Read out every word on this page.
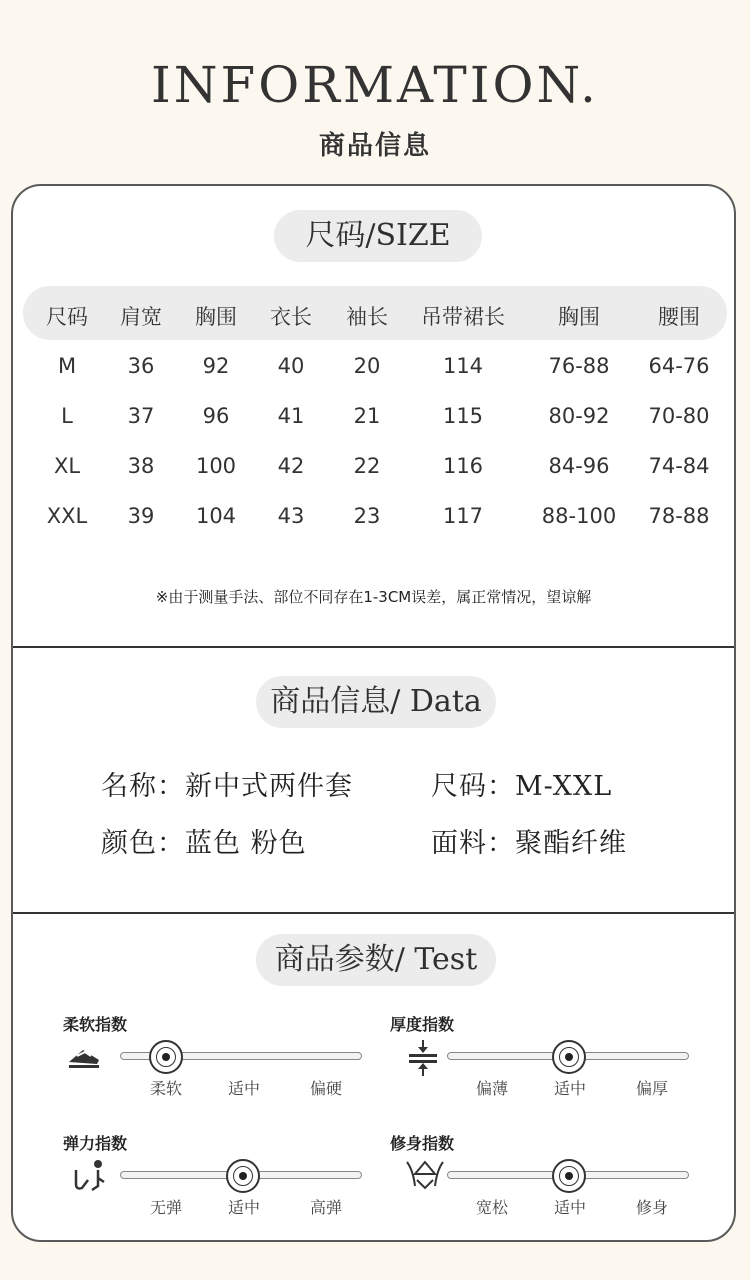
INFORMATION.
商品信息
尺码/SIZE
尺码	肩宽	胸围	衣长	袖长	吊带裙长	胸围	腰围
M	36	92	40	20	114	76-88	64-76
L	37	96	41	21	115	80-92	70-80
XL	38	100	42	22	116	84-96	74-84
XXL	39	104	43	23	117	88-100	78-88
※由于测量手法、部位不同存在1-3CM误差，属正常情况，望谅解
商品信息/ Data
名称：新中式两件套	尺码：M-XXL
颜色：蓝色 粉色	面料：聚酯纤维
商品参数/ Test
柔软指数
柔软	适中	偏硬
厚度指数
偏薄	适中	偏厚
弹力指数
无弹	适中	高弹
修身指数
宽松	适中	修身
